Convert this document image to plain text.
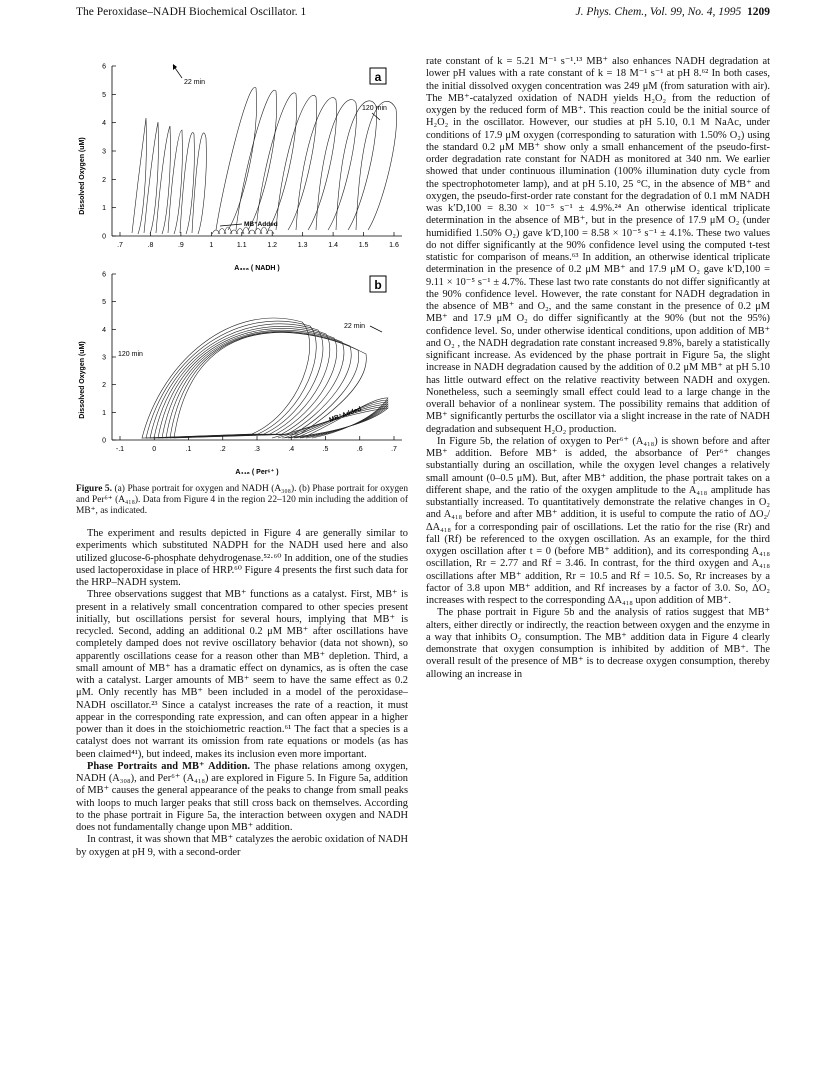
The Peroxidase–NADH Biochemical Oscillator. 1	J. Phys. Chem., Vol. 99, No. 4, 1995 1209
.7	.8	.9	1	1.1	1.2	1.3	1.4	1.5	1.6
0
1
2
3
4
5
6
a
22 min
120 min
MB⁺Added
Dissolved Oxygen (uM)
A₃₀₈ ( NADH )
-.1	0	.1	.2	.3	.4	.5	.6	.7
0
1
2
3
4
5
6
b
22 min
120 min
MB⁺Added
Dissolved Oxygen (uM)
A₄₁₈ ( Per⁶⁺ )
Figure 5. (a) Phase portrait for oxygen and NADH (A₃₀₈). (b) Phase portrait for oxygen and Per⁶⁺ (A₄₁₈). Data from Figure 4 in the region 22–120 min including the addition of MB⁺, as indicated.

The experiment and results depicted in Figure 4 are generally similar to experiments which substituted NADPH for the NADH used here and also utilized glucose-6-phosphate dehydrogenase.⁵²·⁶⁰ In addition, one of the studies used lactoperoxidase in place of HRP.⁶⁰ Figure 4 presents the first such data for the HRP–NADH system.

Three observations suggest that MB⁺ functions as a catalyst. First, MB⁺ is present in a relatively small concentration compared to other species present initially, but oscillations persist for several hours, implying that MB⁺ is recycled. Second, adding an additional 0.2 μM MB⁺ after oscillations have completely damped does not revive oscillatory behavior (data not shown), so apparently oscillations cease for a reason other than MB⁺ depletion. Third, a small amount of MB⁺ has a dramatic effect on dynamics, as is often the case with a catalyst. Larger amounts of MB⁺ seem to have the same effect as 0.2 μM. Only recently has MB⁺ been included in a model of the peroxidase–NADH oscillator.²³ Since a catalyst increases the rate of a reaction, it must appear in the corresponding rate expression, and can often appear in a higher power than it does in the stoichiometric reaction.⁶¹ The fact that a species is a catalyst does not warrant its omission from rate equations or models (as has been claimed⁴¹), but indeed, makes its inclusion even more important.

Phase Portraits and MB⁺ Addition. The phase relations among oxygen, NADH (A₃₀₈), and Per⁶⁺ (A₄₁₈) are explored in Figure 5. In Figure 5a, addition of MB⁺ causes the general appearance of the peaks to change from small peaks with loops to much larger peaks that still cross back on themselves. According to the phase portrait in Figure 5a, the interaction between oxygen and NADH does not fundamentally change upon MB⁺ addition.

In contrast, it was shown that MB⁺ catalyzes the aerobic oxidation of NADH by oxygen at pH 9, with a second-order

rate constant of k = 5.21 M⁻¹ s⁻¹.¹³ MB⁺ also enhances NADH degradation at lower pH values with a rate constant of k = 18 M⁻¹ s⁻¹ at pH 8.⁶² In both cases, the initial dissolved oxygen concentration was 249 μM (from saturation with air). The MB⁺-catalyzed oxidation of NADH yields H₂O₂ from the reduction of oxygen by the reduced form of MB⁺. This reaction could be the initial source of H₂O₂ in the oscillator. However, our studies at pH 5.10, 0.1 M NaAc, under conditions of 17.9 μM oxygen (corresponding to saturation with 1.50% O₂) using the standard 0.2 μM MB⁺ show only a small enhancement of the pseudo-first-order degradation rate constant for NADH as monitored at 340 nm. We earlier showed that under continuous illumination (100% illumination duty cycle from the spectrophotometer lamp), and at pH 5.10, 25 °C, in the absence of MB⁺ and oxygen, the pseudo-first-order rate constant for the degradation of 0.1 mM NADH was k′D,100 = 8.30 × 10⁻⁵ s⁻¹ ± 4.9%.²⁴ An otherwise identical triplicate determination in the absence of MB⁺, but in the presence of 17.9 μM O₂ (under humidified 1.50% O₂) gave k′D,100 = 8.58 × 10⁻⁵ s⁻¹ ± 4.1%. These two values do not differ significantly at the 90% confidence level using the computed t-test statistic for comparison of means.⁶³ In addition, an otherwise identical triplicate determination in the presence of 0.2 μM MB⁺ and 17.9 μM O₂ gave k′D,100 = 9.11 × 10⁻⁵ s⁻¹ ± 4.7%. These last two rate constants do not differ significantly at the 90% confidence level. However, the rate constant for NADH degradation in the absence of MB⁺ and O₂, and the same constant in the presence of 0.2 μM MB⁺ and 17.9 μM O₂ do differ significantly at the 90% (but not the 95%) confidence level. So, under otherwise identical conditions, upon addition of MB⁺ and O₂ , the NADH degradation rate constant increased 9.8%, barely a statistically significant increase. As evidenced by the phase portrait in Figure 5a, the slight increase in NADH degradation caused by the addition of 0.2 μM MB⁺ at pH 5.10 has little outward effect on the relative reactivity between NADH and oxygen. Nonetheless, such a seemingly small effect could lead to a large change in the overall behavior of a nonlinear system. The possibility remains that addition of MB⁺ significantly perturbs the oscillator via a slight increase in the rate of NADH degradation and subsequent H₂O₂ production.

In Figure 5b, the relation of oxygen to Per⁶⁺ (A₄₁₈) is shown before and after MB⁺ addition. Before MB⁺ is added, the absorbance of Per⁶⁺ changes substantially during an oscillation, while the oxygen level changes a relatively small amount (0–0.5 μM). But, after MB⁺ addition, the phase portrait takes on a different shape, and the ratio of the oxygen amplitude to the A₄₁₈ amplitude has substantially increased. To quantitatively demonstrate the relative changes in O₂ and A₄₁₈ before and after MB⁺ addition, it is useful to compute the ratio of ΔO₂/ΔA₄₁₈ for a corresponding pair of oscillations. Let the ratio for the rise (Rr) and fall (Rf) be referenced to the oxygen oscillation. As an example, for the third oxygen oscillation after t = 0 (before MB⁺ addition), and its corresponding A₄₁₈ oscillation, Rr = 2.77 and Rf = 3.46. In contrast, for the third oxygen and A₄₁₈ oscillations after MB⁺ addition, Rr = 10.5 and Rf = 10.5. So, Rr increases by a factor of 3.8 upon MB⁺ addition, and Rf increases by a factor of 3.0. So, ΔO₂ increases with respect to the corresponding ΔA₄₁₈ upon addition of MB⁺.

The phase portrait in Figure 5b and the analysis of ratios suggest that MB⁺ alters, either directly or indirectly, the reaction between oxygen and the enzyme in a way that inhibits O₂ consumption. The MB⁺ addition data in Figure 4 clearly demonstrate that oxygen consumption is inhibited by addition of MB⁺. The overall result of the presence of MB⁺ is to decrease oxygen consumption, thereby allowing an increase in
